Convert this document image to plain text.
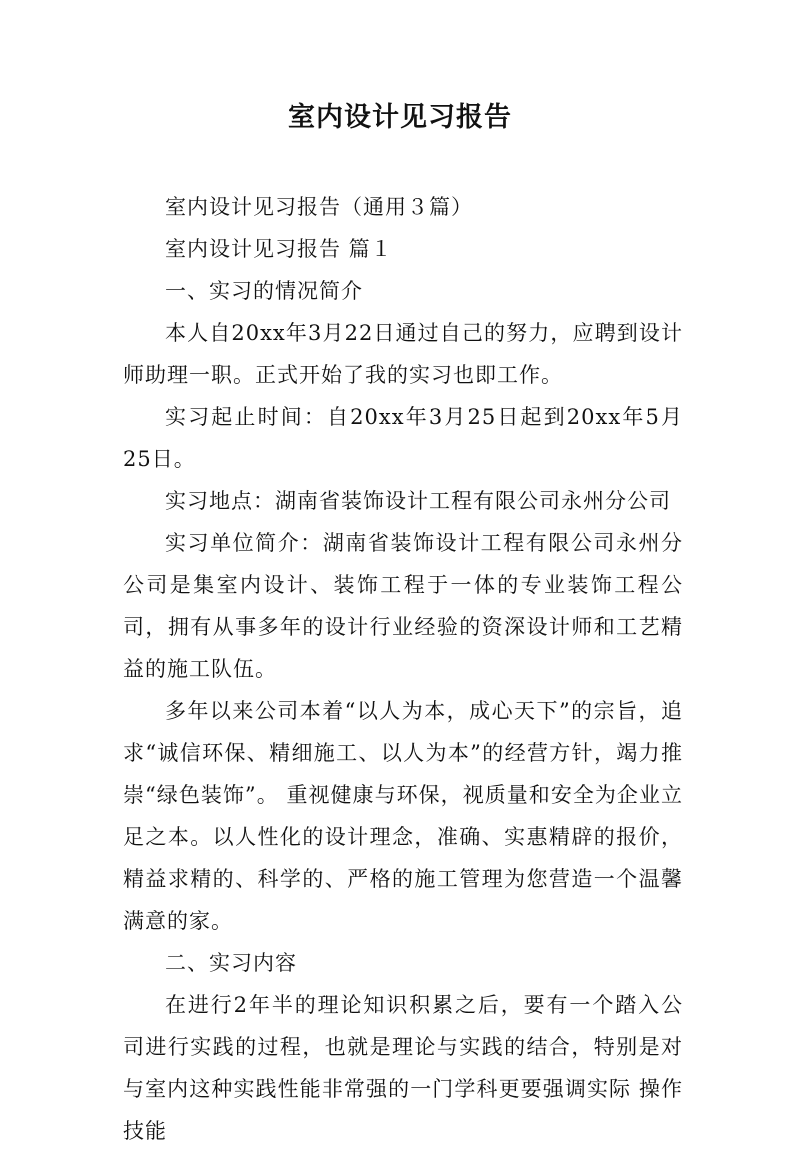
室内设计见习报告

室内设计见习报告（通用３篇）

室内设计见习报告 篇１

一、实习的情况简介

本人自20xx年3月22日通过自己的努力，应聘到设计师助理一职。正式开始了我的实习也即工作。

实习起止时间：自20xx年3月25日起到20xx年5月25日。

实习地点：湖南省装饰设计工程有限公司永州分公司

实习单位简介：湖南省装饰设计工程有限公司永州分公司是集室内设计、装饰工程于一体的专业装饰工程公司，拥有从事多年的设计行业经验的资深设计师和工艺精益的施工队伍。

多年以来公司本着“以人为本，成心天下”的宗旨，追求“诚信环保、精细施工、以人为本”的经营方针，竭力推崇“绿色装饰”。 重视健康与环保，视质量和安全为企业立足之本。以人性化的设计理念，准确、实惠精辟的报价，精益求精的、科学的、严格的施工管理为您营造一个温馨满意的家。

二、实习内容

在进行2年半的理论知识积累之后，要有一个踏入公司进行实践的过程，也就是理论与实践的结合，特别是对与室内这种实践性能非常强的一门学科更要强调实际 操作技能
